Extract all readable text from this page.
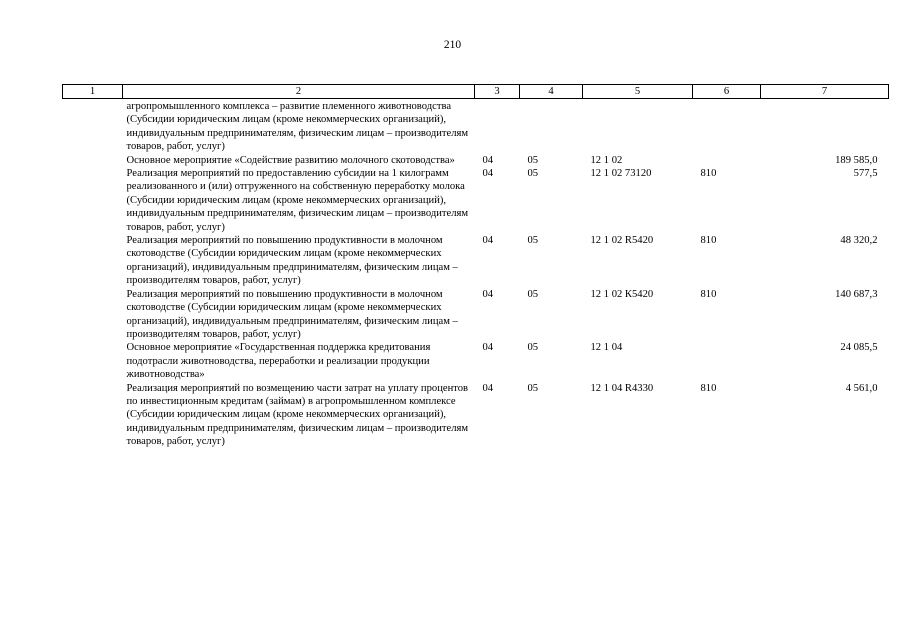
210
1	2	3	4	5	6	7
	агропромышленного комплекса – развитие племенного животноводства (Субсидии юридическим лицам (кроме некоммерческих организаций), индивидуальным предпринимателям, физическим лицам – производителям товаров, работ, услуг)					
	Основное мероприятие «Содействие развитию молочного скотоводства»	04	05	12 1 02		189 585,0
	Реализация мероприятий по предоставлению субсидии на 1 килограмм реализованного и (или) отгруженного на собственную переработку молока (Субсидии юридическим лицам (кроме некоммерческих организаций), индивидуальным предпринимателям, физическим лицам – производителям товаров, работ, услуг)	04	05	12 1 02 73120	810	577,5
	Реализация мероприятий по повышению продуктивности в молочном скотоводстве (Субсидии юридическим лицам (кроме некоммерческих организаций), индивидуальным предпринимателям, физическим лицам – производителям товаров, работ, услуг)	04	05	12 1 02 R5420	810	48 320,2
	Реализация мероприятий по повышению продуктивности в молочном скотоводстве (Субсидии юридическим лицам (кроме некоммерческих организаций), индивидуальным предпринимателям, физическим лицам – производителям товаров, работ, услуг)	04	05	12 1 02 К5420	810	140 687,3
	Основное мероприятие «Государственная поддержка кредитования подотрасли животноводства, переработки и реализации продукции животноводства»	04	05	12 1 04		24 085,5
	Реализация мероприятий по возмещению части затрат на уплату процентов по инвестиционным кредитам (займам) в агропромышленном комплексе (Субсидии юридическим лицам (кроме некоммерческих организаций), индивидуальным предпринимателям, физическим лицам – производителям товаров, работ, услуг)	04	05	12 1 04 R4330	810	4 561,0
